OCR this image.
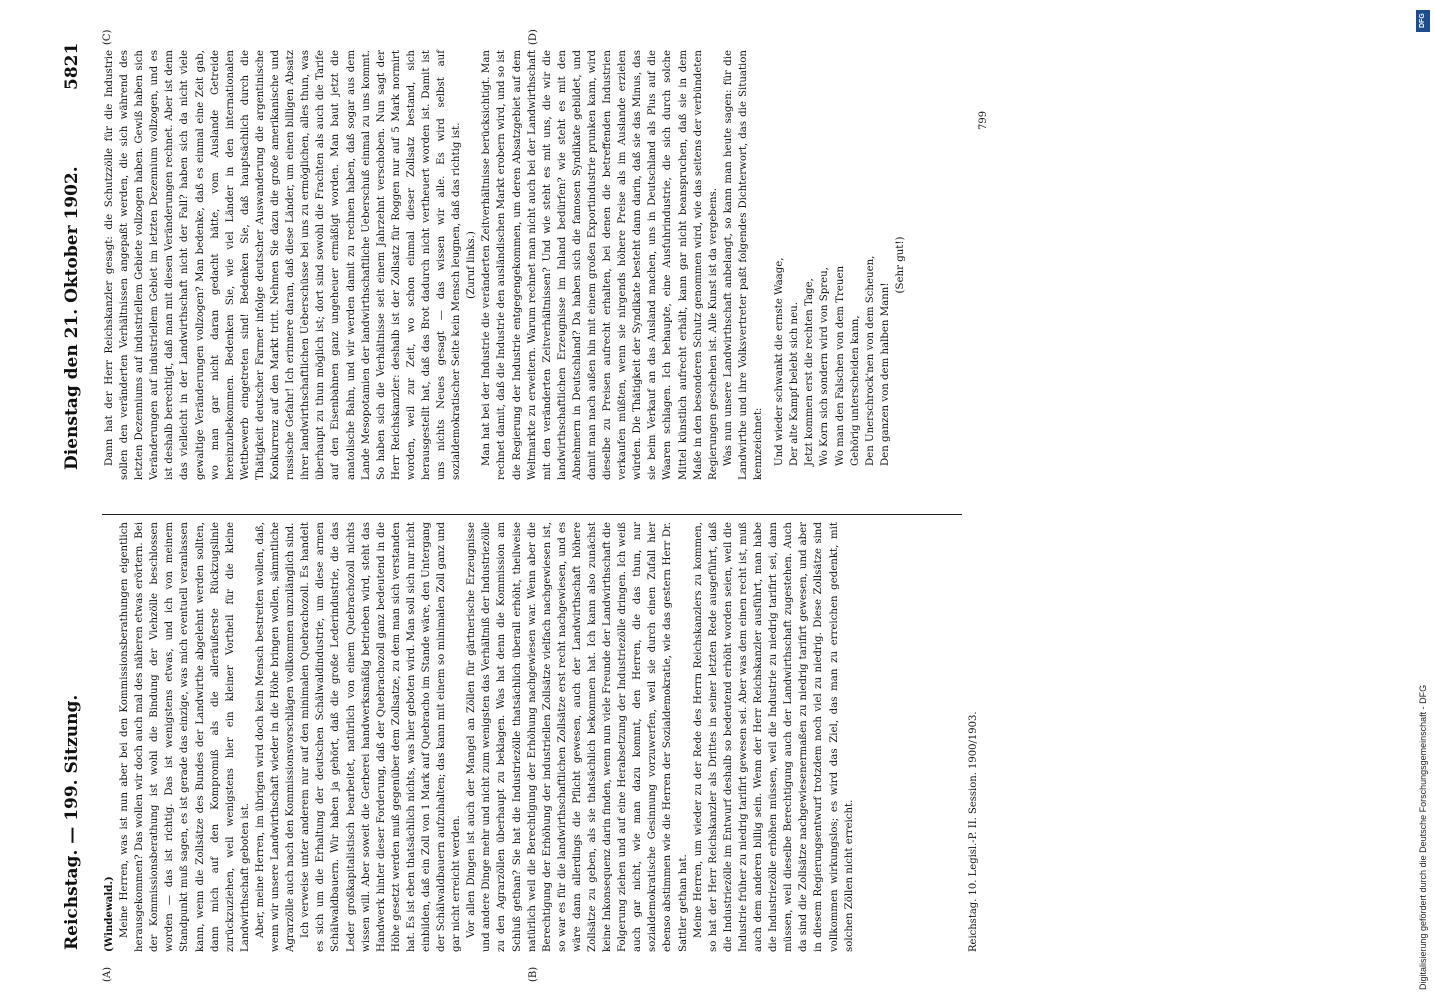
Reichstag. — 199. Sitzung.
Dienstag den 21. Oktober 1902.
5821

(Windewald.) Meine Herren, was ist nun aber bei den Kommissionsberathungen eigentlich herausgekommen? Das wollen wir doch auch mal des näheren etwas erörtern. Bei der Kommissionsberathung ist wohl die Bindung der Viehzölle beschlossen worden — das ist richtig. Das ist wenigstens etwas, und ich von meinem Standpunkt muß sagen, es ist gerade das einzige, was mich eventuell veranlassen kann, wenn die Zollsätze des Bundes der Landwirthe abgelehnt werden sollten, dann mich auf den Kompromiß als die alleräußerste Rückzugslinie zurückzuziehen, weil wenigstens hier ein kleiner Vortheil für die kleine Landwirthschaft geboten ist. Aber, meine Herren, im übrigen wird doch kein Mensch bestreiten wollen, daß, wenn wir unsere Landwirthschaft wieder in die Höhe bringen wollen, sämmtliche Agrarzölle auch nach den Kommissionsvorschlägen vollkommen unzulänglich sind. Ich verweise unter anderem nur auf den minimalen Quebrachozoll. Es handelt es sich um die Erhaltung der deutschen Schälwaldindustrie, um diese armen Schälwaldbauern. Wir haben ja gehört, daß die große Lederindustrie, die das Leder großkapitalistisch bearbeitet, natürlich von einem Quebrachozoll nichts wissen will. Aber soweit die Gerberei handwerksmäßig betrieben wird, steht das Handwerk hinter dieser Forderung, daß der Quebrachozoll ganz bedeutend in die Höhe gesetzt werden muß gegenüber dem Zollsatze, zu dem man sich verstanden hat. Es ist eben thatsächlich nichts, was hier geboten wird. Man soll sich nur nicht einbilden, daß ein Zoll von 1 Mark auf Quebracho im Stande wäre, den Untergang der Schälwaldbauern aufzuhalten; das kann mit einem so minimalen Zoll ganz und gar nicht erreicht werden. Vor allen Dingen ist auch der Mangel an Zöllen für gärtnerische Erzeugnisse und andere Dinge mehr und nicht zum wenigsten das Verhältniß der Industriezölle zu den Agrarzöllen überhaupt zu beklagen. Was hat denn die Kommission am Schluß gethan? Sie hat die Industriezölle thatsächlich überall erhöht, theilweise natürlich weil die Berechtigung der Erhöhung nachgewiesen war. Wenn aber die Berechtigung der Erhöhung der industriellen Zollsätze vielfach nachgewiesen ist, so war es für die landwirthschaftlichen Zollsätze erst recht nachgewiesen, und es wäre dann allerdings die Pflicht gewesen, auch der Landwirthschaft höhere Zollsätze zu geben, als sie thatsächlich bekommen hat. Ich kann also zunächst keine Inkonsequenz darin finden, wenn nun viele Freunde der Landwirthschaft die Folgerung ziehen und auf eine Herabsetzung der Industriezölle dringen. Ich weiß auch gar nicht, wie man dazu kommt, den Herren, die das thun, nur sozialdemokratische Gesinnung vorzuwerfen, weil sie durch einen Zufall hier ebenso abstimmen wie die Herren der Sozialdemokratie, wie das gestern Herr Dr. Sattler gethan hat. Meine Herren, um wieder zu der Rede des Herrn Reichskanzlers zu kommen, so hat der Herr Reichskanzler als Drittes in seiner letzten Rede ausgeführt, daß die Industriezölle im Entwurf deshalb so bedeutend erhöht worden seien, weil die Industrie früher zu niedrig tarifirt gewesen sei. Aber was dem einen recht ist, muß auch dem anderen billig sein. Wenn der Herr Reichskanzler ausführt, man habe die Industriezölle erhöhen müssen, weil die Industrie zu niedrig tarifirt sei, dann müssen, weil dieselbe Berechtigung auch der Landwirthschaft zugestehen. Auch da sind die Zollsätze nachgewiesenermaßen zu niedrig tarifirt gewesen, und aber in diesem Regierungsentwurf trotzdem noch viel zu niedrig. Diese Zollsätze sind vollkommen wirkungslos; es wird das Ziel, das man zu erreichen gedenkt, mit solchen Zöllen nicht erreicht.

Dann hat der Herr Reichskanzler gesagt: die Schutzzölle für die Industrie sollen den veränderten Verhältnissen angepaßt werden, die sich während des letzten Dezenniums auf industriellem Gebiete vollzogen haben. Gewiß haben sich Veränderungen auf industriellem Gebiet im letzten Dezennium vollzogen, und es ist deshalb berechtigt, daß man mit diesen Veränderungen rechnet. Aber ist denn das vielleicht in der Landwirthschaft nicht der Fall? haben sich da nicht viele gewaltige Veränderungen vollzogen? Man bedenke, daß es einmal eine Zeit gab, wo man gar nicht daran gedacht hätte, vom Auslande Getreide hereinzubekommen. Bedenken Sie, wie viel Länder in den internationalen Wettbewerb eingetreten sind! Bedenken Sie, daß hauptsächlich durch die Thätigkeit deutscher Farmer infolge deutscher Auswanderung die argentinische Konkurrenz auf den Markt tritt. Nehmen Sie dazu die große amerikanische und russische Gefahr! Ich erinnere daran, daß diese Länder, um einen billigen Absatz ihrer landwirthschaftlichen Ueberschüsse bei uns zu ermöglichen, alles thun, was überhaupt zu thun möglich ist; dort sind sowohl die Frachten als auch die Tarife auf den Eisenbahnen ganz ungeheuer ermäßigt worden. Man baut jetzt die anatolische Bahn, und wir werden damit zu rechnen haben, daß sogar aus dem Lande Mesopotamien der landwirthschaftliche Ueberschuß einmal zu uns kommt. So haben sich die Verhältnisse seit einem Jahrzehnt verschoben. Nun sagt der Herr Reichskanzler: deshalb ist der Zollsatz für Roggen nur auf 5 Mark normirt worden, weil zur Zeit, wo schon einmal dieser Zollsatz bestand, sich herausgestellt hat, daß das Brot dadurch nicht vertheuert worden ist. Damit ist uns nichts Neues gesagt — das wissen wir alle. Es wird selbst auf sozialdemokratischer Seite kein Mensch leugnen, daß das richtig ist. (Zuruf links.) Man hat bei der Industrie die veränderten Zeitverhältnisse berücksichtigt. Man rechnet damit, daß die Industrie den ausländischen Markt erobern wird, und so ist die Regierung der Industrie entgegengekommen, um deren Absatzgebiet auf dem Weltmarkte zu erweitern. Warum rechnet man nicht auch bei der Landwirthschaft mit den veränderten Zeitverhältnissen? Und wie steht es mit uns, die wir die landwirthschaftlichen Erzeugnisse im Inland bedürfen? wie steht es mit den Abnehmern in Deutschland? Da haben sich die famosen Syndikate gebildet, und damit man nach außen hin mit einem großen Exportindustrie prunken kann, wird dieselbe zu Preisen aufrecht erhalten, bei denen die betreffenden Industrien verkaufen müßten, wenn sie nirgends höhere Preise als im Auslande erzielen würden. Die Thätigkeit der Syndikate besteht dann darin, daß sie das Minus, das sie beim Verkauf an das Ausland machen, uns in Deutschland als Plus auf die Waaren schlagen. Ich behaupte, eine Ausfuhrindustrie, die sich durch solche Mittel künstlich aufrecht erhält, kann gar nicht beanspruchen, daß sie in dem Maße in den besonderen Schutz genommen wird, wie das seitens der verbündeten Regierungen geschehen ist. Alle Kunst ist da vergebens. Was nun unsere Landwirthschaft anbelangt, so kann man heute sagen: für die Landwirthe und ihre Volksvertreter paßt folgendes Dichterwort, das die Situation kennzeichnet: Und wieder schwankt die ernste Waage, Der alte Kampf belebt sich neu. Jetzt kommen erst die rechten Tage, Wo Korn sich sondern wird von Spreu, Wo man den Falschen von dem Treuen Gehörig unterscheiden kann, Den Unerschrock'nen von dem Scheuen, Den ganzen von dem halben Mann!

(Sehr gut!)

(A)	(B)
(C)	(D)
Reichstag. 10. Legisl.-P. II. Session. 1900/1903.
799
Digitalisierung gefördert durch die Deutsche Forschungsgemeinschaft - DFG
DFG
